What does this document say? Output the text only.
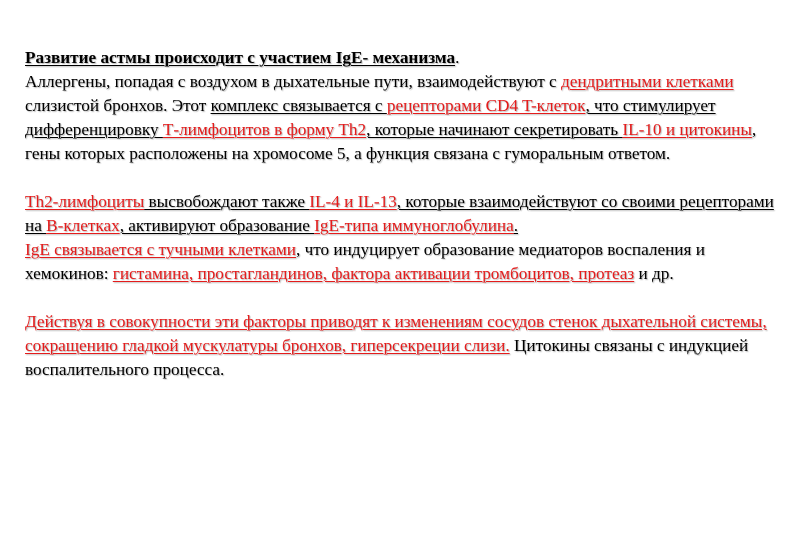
Развитие астмы происходит с участием IgE- механизма.
Аллергены, попадая с воздухом в дыхательные пути, взаимодействуют с дендритными клетками слизистой бронхов. Этот комплекс связывается с рецепторами CD4 T-клеток, что стимулирует дифференцировку Т-лимфоцитов в форму Th2, которые начинают секретировать IL-10 и цитокины, гены которых расположены на хромосоме 5, а функция связана с гуморальным ответом.

Th2-лимфоциты высвобождают также IL-4 и IL-13, которые взаимодействуют со своими рецепторами на В-клетках, активируют образование IgE-типа иммуноглобулина.
IgE связывается с тучными клетками, что индуцирует образование медиаторов воспаления и хемокинов: гистамина, простагландинов, фактора активации тромбоцитов, протеаз и др.

Действуя в совокупности эти факторы приводят к изменениям сосудов стенок дыхательной системы, сокращению гладкой мускулатуры бронхов, гиперсекреции слизи. Цитокины связаны с индукцией воспалительного процесса.
